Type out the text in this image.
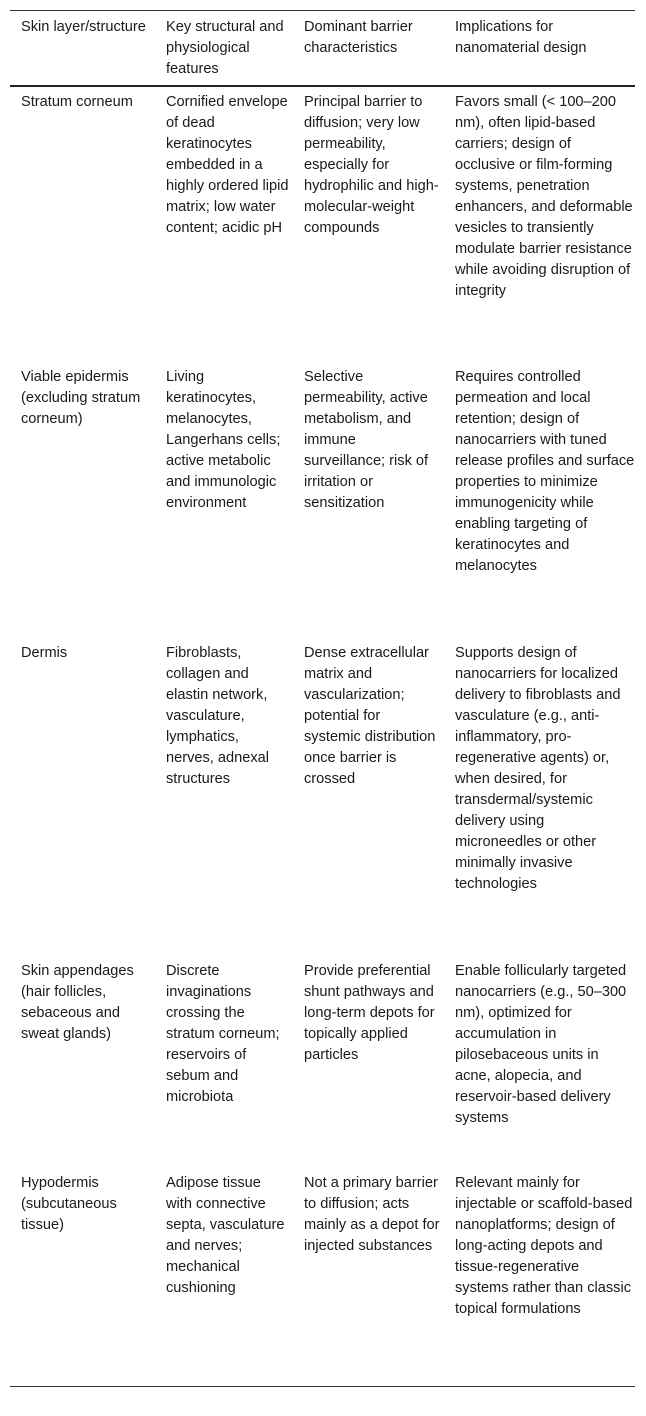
Skin layer/structure	Key structural and physiological features	Dominant barrier characteristics	Implications for nanomaterial design
Stratum corneum	Cornified envelope of dead keratinocytes embedded in a highly ordered lipid matrix; low water content; acidic pH	Principal barrier to diffusion; very low permeability, especially for hydrophilic and high-molecular-weight compounds	Favors small (< 100–200 nm), often lipid-based carriers; design of occlusive or film-forming systems, penetration enhancers, and deformable vesicles to transiently modulate barrier resistance while avoiding disruption of integrity
Viable epidermis (excluding stratum corneum)	Living keratinocytes, melanocytes, Langerhans cells; active metabolic and immunologic environment	Selective permeability, active metabolism, and immune surveillance; risk of irritation or sensitization	Requires controlled permeation and local retention; design of nanocarriers with tuned release profiles and surface properties to minimize immunogenicity while enabling targeting of keratinocytes and melanocytes
Dermis	Fibroblasts, collagen and elastin network, vasculature, lymphatics, nerves, adnexal structures	Dense extracellular matrix and vascularization; potential for systemic distribution once barrier is crossed	Supports design of nanocarriers for localized delivery to fibroblasts and vasculature (e.g., anti-inflammatory, pro-regenerative agents) or, when desired, for transdermal/systemic delivery using microneedles or other minimally invasive technologies
Skin appendages (hair follicles, sebaceous and sweat glands)	Discrete invaginations crossing the stratum corneum; reservoirs of sebum and microbiota	Provide preferential shunt pathways and long-term depots for topically applied particles	Enable follicularly targeted nanocarriers (e.g., 50–300 nm), optimized for accumulation in pilosebaceous units in acne, alopecia, and reservoir-based delivery systems
Hypodermis (subcutaneous tissue)	Adipose tissue with connective septa, vasculature and nerves; mechanical cushioning	Not a primary barrier to diffusion; acts mainly as a depot for injected substances	Relevant mainly for injectable or scaffold-based nanoplatforms; design of long-acting depots and tissue-regenerative systems rather than classic topical formulations
